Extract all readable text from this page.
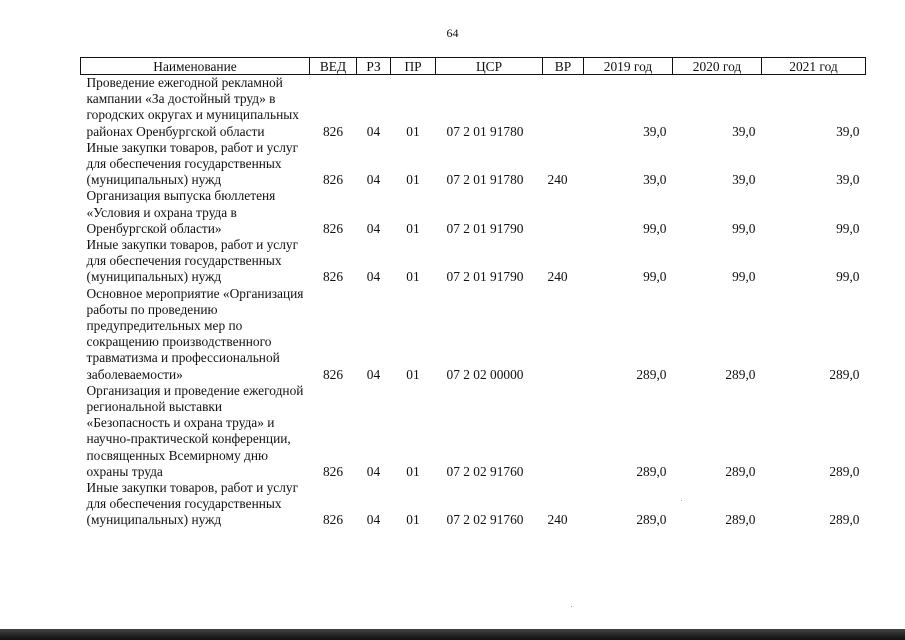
64
Наименование	ВЕД	РЗ	ПР	ЦСР	ВР	2019 год	2020 год	2021 год
Проведение ежегодной рекламной кампании «За достойный труд» в городских округах и муниципальных районах Оренбургской области	826	04	01	07 2 01 91780		39,0	39,0	39,0
Иные закупки товаров, работ и услуг для обеспечения государственных (муниципальных) нужд	826	04	01	07 2 01 91780	240	39,0	39,0	39,0
Организация выпуска бюллетеня «Условия и охрана труда в Оренбургской области»	826	04	01	07 2 01 91790		99,0	99,0	99,0
Иные закупки товаров, работ и услуг для обеспечения государственных (муниципальных) нужд	826	04	01	07 2 01 91790	240	99,0	99,0	99,0
Основное мероприятие «Организация работы по проведению предупредительных мер по сокращению производственного травматизма и профессиональной заболеваемости»	826	04	01	07 2 02 00000		289,0	289,0	289,0
Организация и проведение ежегодной региональной выставки «Безопасность и охрана труда» и научно-практической конференции, посвященных Всемирному дню охраны труда	826	04	01	07 2 02 91760		289,0	289,0	289,0
Иные закупки товаров, работ и услуг для обеспечения государственных (муниципальных) нужд	826	04	01	07 2 02 91760	240	289,0	289,0	289,0
